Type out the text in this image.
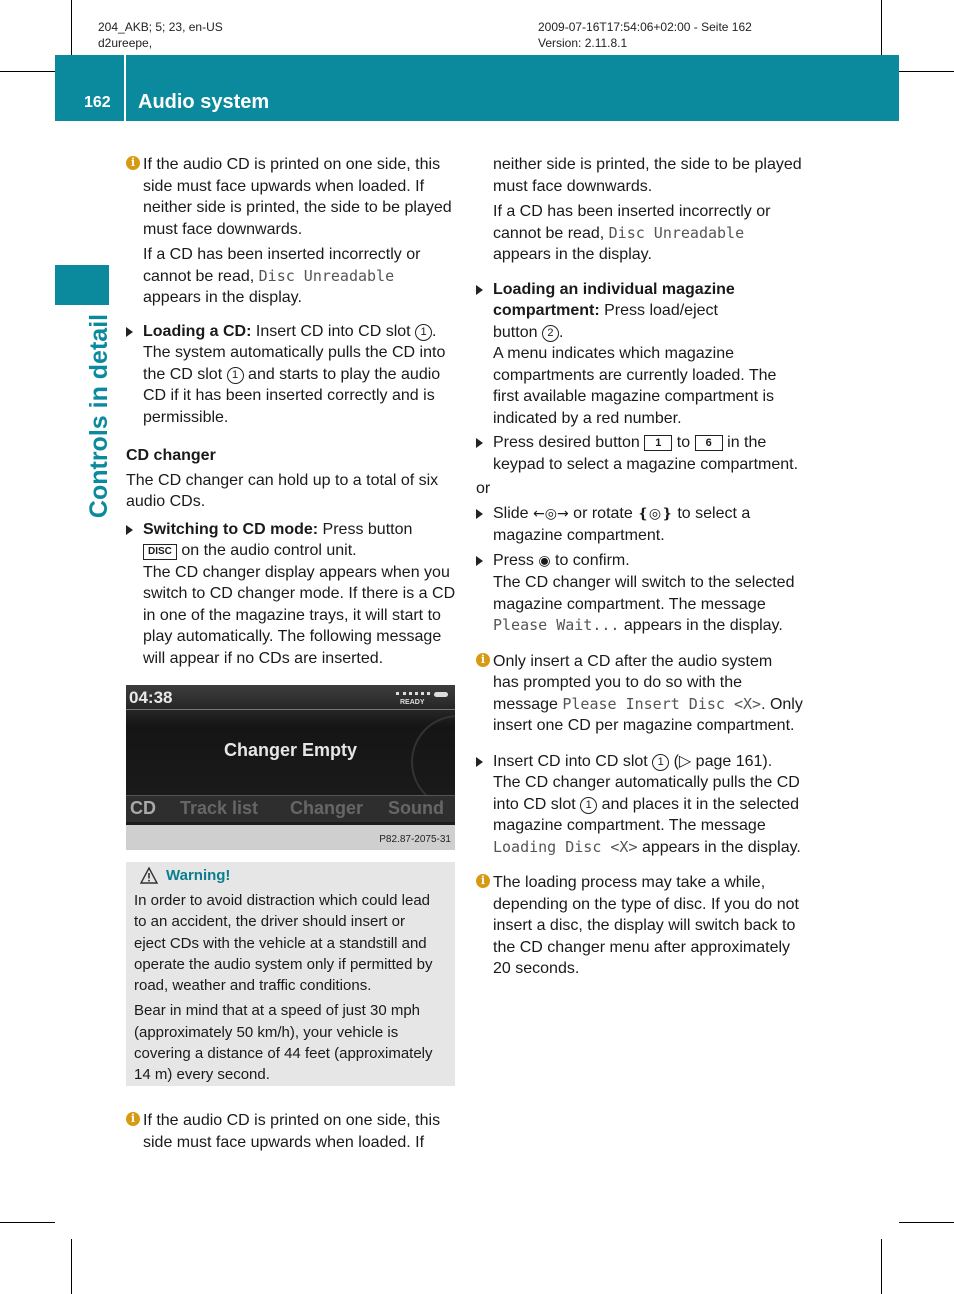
204_AKB; 5; 23, en-US
d2ureepe,
2009-07-16T17:54:06+02:00 - Seite 162
Version: 2.11.8.1
162 Audio system
Controls in detail
i If the audio CD is printed on one side, this

side must face upwards when loaded. If

neither side is printed, the side to be played

must face downwards.

If a CD has been inserted incorrectly or

cannot be read, Disc Unreadable

appears in the display.

Loading a CD: Insert CD into CD slot 1 .

The system automatically pulls the CD into

the CD slot 1 and starts to play the audio

CD if it has been inserted correctly and is

permissible.

CD changer

The CD changer can hold up to a total of six

audio CDs.

Switching to CD mode: Press button

DISC on the audio control unit.

The CD changer display appears when you

switch to CD changer mode. If there is a CD

in one of the magazine trays, it will start to

play automatically. The following message

will appear if no CDs are inserted.

04:38	READY
Changer Empty
CD Track list Changer Sound
P82.87-2075-31
Warning!
In order to avoid distraction which could lead
to an accident, the driver should insert or
eject CDs with the vehicle at a standstill and
operate the audio system only if permitted by
road, weather and traffic conditions.
Bear in mind that at a speed of just 30 mph
(approximately 50 km/h), your vehicle is
covering a distance of 44 feet (approximately
14 m) every second.
i If the audio CD is printed on one side, this

side must face upwards when loaded. If

neither side is printed, the side to be played

must face downwards.

If a CD has been inserted incorrectly or

cannot be read, Disc Unreadable

appears in the display.

Loading an individual magazine

compartment: Press load/eject

button 2 .

A menu indicates which magazine

compartments are currently loaded. The

first available magazine compartment is

indicated by a red number.

Press desired button 1 to 6 in the

keypad to select a magazine compartment.

or

Slide ←◎→ or rotate ❴◎❵ to select a

magazine compartment.

Press ◉ to confirm.

The CD changer will switch to the selected

magazine compartment. The message

Please Wait... appears in the display.

i Only insert a CD after the audio system

has prompted you to do so with the

message Please Insert Disc <X>. Only

insert one CD per magazine compartment.

Insert CD into CD slot 1 (▷ page 161).

The CD changer automatically pulls the CD

into CD slot 1 and places it in the selected

magazine compartment. The message

Loading Disc <X> appears in the display.

i The loading process may take a while,

depending on the type of disc. If you do not

insert a disc, the display will switch back to

the CD changer menu after approximately

20 seconds.
